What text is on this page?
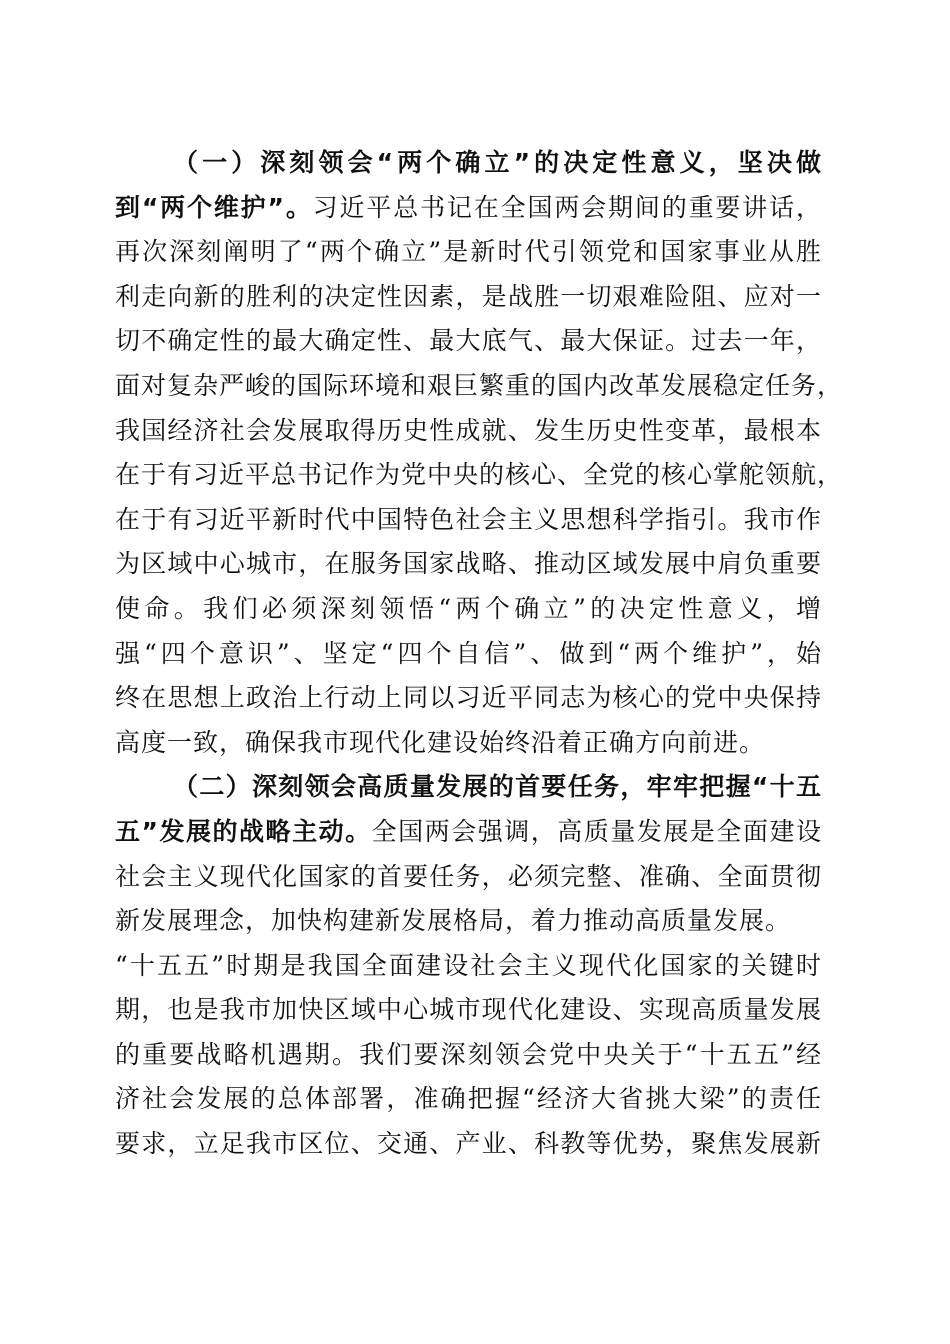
（一）深刻领会“两个确立”的决定性意义，坚决做
到“两个维护”。习近平总书记在全国两会期间的重要讲话，
再次深刻阐明了“两个确立”是新时代引领党和国家事业从胜
利走向新的胜利的决定性因素，是战胜一切艰难险阻、应对一
切不确定性的最大确定性、最大底气、最大保证。过去一年，
面对复杂严峻的国际环境和艰巨繁重的国内改革发展稳定任务，
我国经济社会发展取得历史性成就、发生历史性变革，最根本
在于有习近平总书记作为党中央的核心、全党的核心掌舵领航，
在于有习近平新时代中国特色社会主义思想科学指引。我市作
为区域中心城市，在服务国家战略、推动区域发展中肩负重要
使命。我们必须深刻领悟“两个确立”的决定性意义，增
强“四个意识”、坚定“四个自信”、做到“两个维护”，始
终在思想上政治上行动上同以习近平同志为核心的党中央保持
高度一致，确保我市现代化建设始终沿着正确方向前进。
（二）深刻领会高质量发展的首要任务，牢牢把握“十五
五”发展的战略主动。全国两会强调，高质量发展是全面建设
社会主义现代化国家的首要任务，必须完整、准确、全面贯彻
新发展理念，加快构建新发展格局，着力推动高质量发展。
“十五五”时期是我国全面建设社会主义现代化国家的关键时
期，也是我市加快区域中心城市现代化建设、实现高质量发展
的重要战略机遇期。我们要深刻领会党中央关于“十五五”经
济社会发展的总体部署，准确把握“经济大省挑大梁”的责任
要求，立足我市区位、交通、产业、科教等优势，聚焦发展新
